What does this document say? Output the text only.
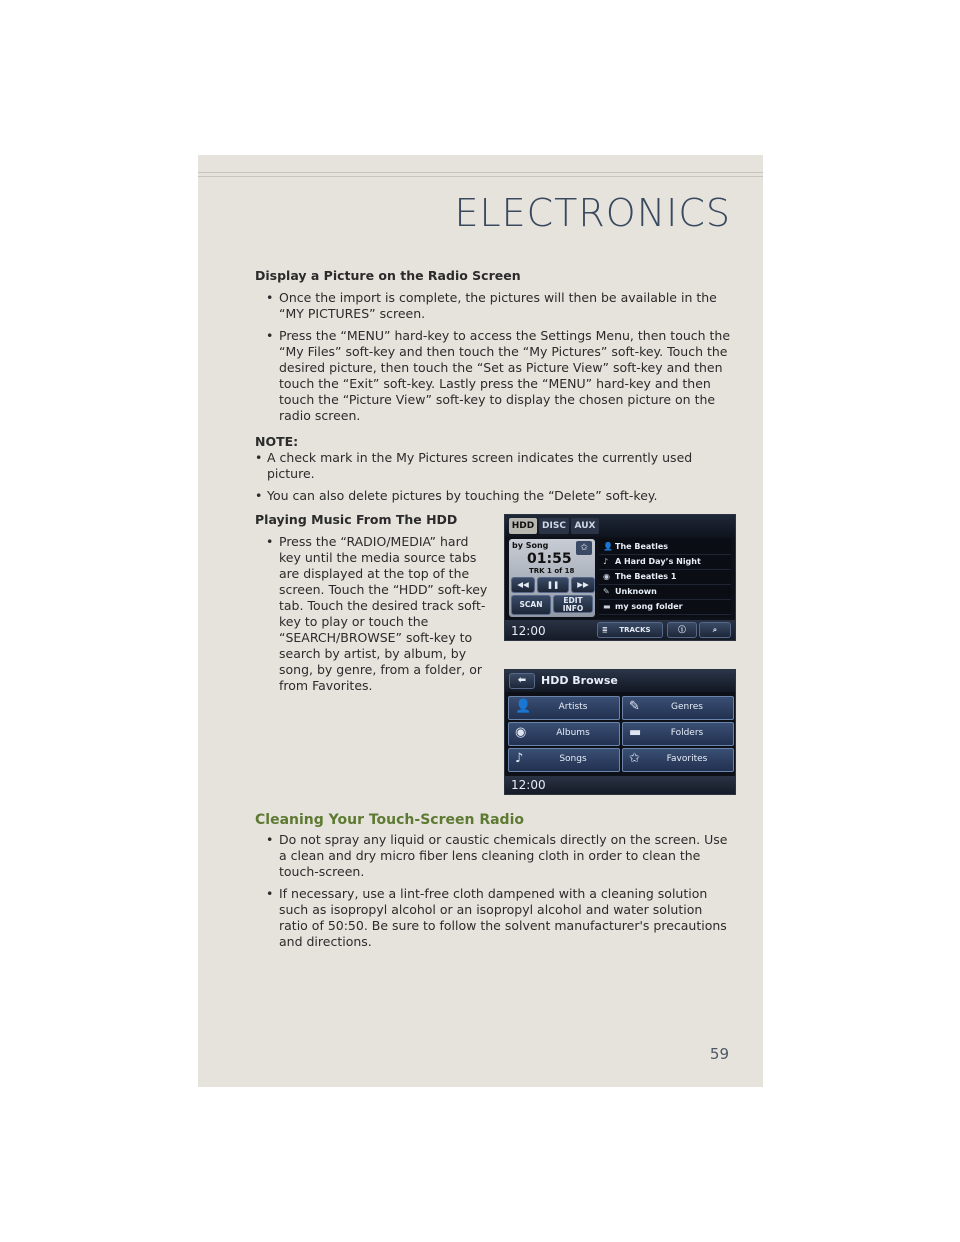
ELECTRONICS

Display a Picture on the Radio Screen

• Once the import is complete, the pictures will then be available in the “MY PICTURES” screen.

• Press the “MENU” hard-key to access the Settings Menu, then touch the “My Files” soft-key and then touch the “My Pictures” soft-key. Touch the desired picture, then touch the “Set as Picture View” soft-key and then touch the “Exit” soft-key. Lastly press the “MENU” hard-key and then touch the “Picture View” soft-key to display the chosen picture on the radio screen.

NOTE:

• A check mark in the My Pictures screen indicates the currently used picture.

• You can also delete pictures by touching the “Delete” soft-key.

Playing Music From The HDD

• Press the “RADIO/MEDIA” hard key until the media source tabs are displayed at the top of the screen. Touch the “HDD” soft-key tab. Touch the desired track soft-key to play or touch the “SEARCH/BROWSE” soft-key to search by artist, by album, by song, by genre, from a folder, or from Favorites.

HDD DISC AUX
by Song	✩
01:55
TRK 1 of 18
◀◀	❚❚	▶▶
SCAN	EDIT
INFO
👤 The Beatles
♪ A Hard Day’s Night
◉ The Beatles 1
✎ Unknown
▬ my song folder
12:00	≣ TRACKS	ⓘ	⌕
⬅	HDD Browse
👤	Artists	✎	Genres
◉	Albums	▬	Folders
♪	Songs	✩	Favorites
12:00

Cleaning Your Touch-Screen Radio

• Do not spray any liquid or caustic chemicals directly on the screen. Use a clean and dry micro fiber lens cleaning cloth in order to clean the touch-screen.

• If necessary, use a lint-free cloth dampened with a cleaning solution such as isopropyl alcohol or an isopropyl alcohol and water solution ratio of 50:50. Be sure to follow the solvent manufacturer's precautions and directions.

59
